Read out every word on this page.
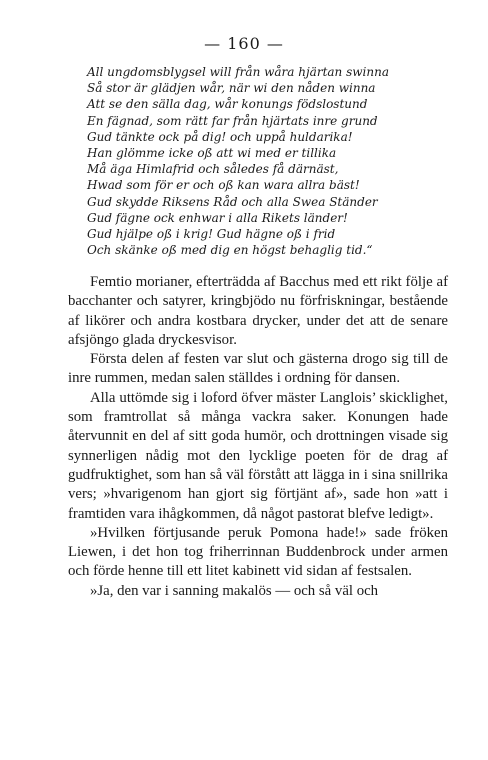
— 160 —
All ungdomsblygsel will från wåra hjärtan swinna
Så stor är glädjen wår, när wi den nåden winna
Att se den sälla dag, wår konungs födslostund
En fägnad, som rätt far från hjärtats inre grund
Gud tänkte ock på dig! och uppå huldarika!
Han glömme icke oß att wi med er tillika
Må äga Himlafrid och således få därnäst,
Hwad som för er och oß kan wara allra bäst!
Gud skydde Riksens Råd och alla Swea Ständer
Gud fägne ock enhwar i alla Rikets länder!
Gud hjälpe oß i krig! Gud hägne oß i frid
Och skänke oß med dig en högst behaglig tid.“

Femtio morianer, efterträdda af Bacchus med ett rikt följe af bacchanter och satyrer, kringbjödo nu förfriskningar, bestående af likörer och andra kostbara drycker, under det att de senare afsjöngo glada dryckesvisor.

Första delen af festen var slut och gästerna drogo sig till de inre rummen, medan salen ställdes i ordning för dansen.

Alla uttömde sig i loford öfver mäster Langlois’ skicklighet, som framtrollat så många vackra saker. Konungen hade återvunnit en del af sitt goda humör, och drottningen visade sig synnerligen nådig mot den lycklige poeten för de drag af gudfruktighet, som han så väl förstått att lägga in i sina snillrika vers; »hvarigenom han gjort sig förtjänt af», sade hon »att i framtiden vara ihågkommen, då något pastorat blefve ledigt».

»Hvilken förtjusande peruk Pomona hade!» sade fröken Liewen, i det hon tog friherrinnan Buddenbrock under armen och förde henne till ett litet kabinett vid sidan af festsalen.

»Ja, den var i sanning makalös — och så väl och
